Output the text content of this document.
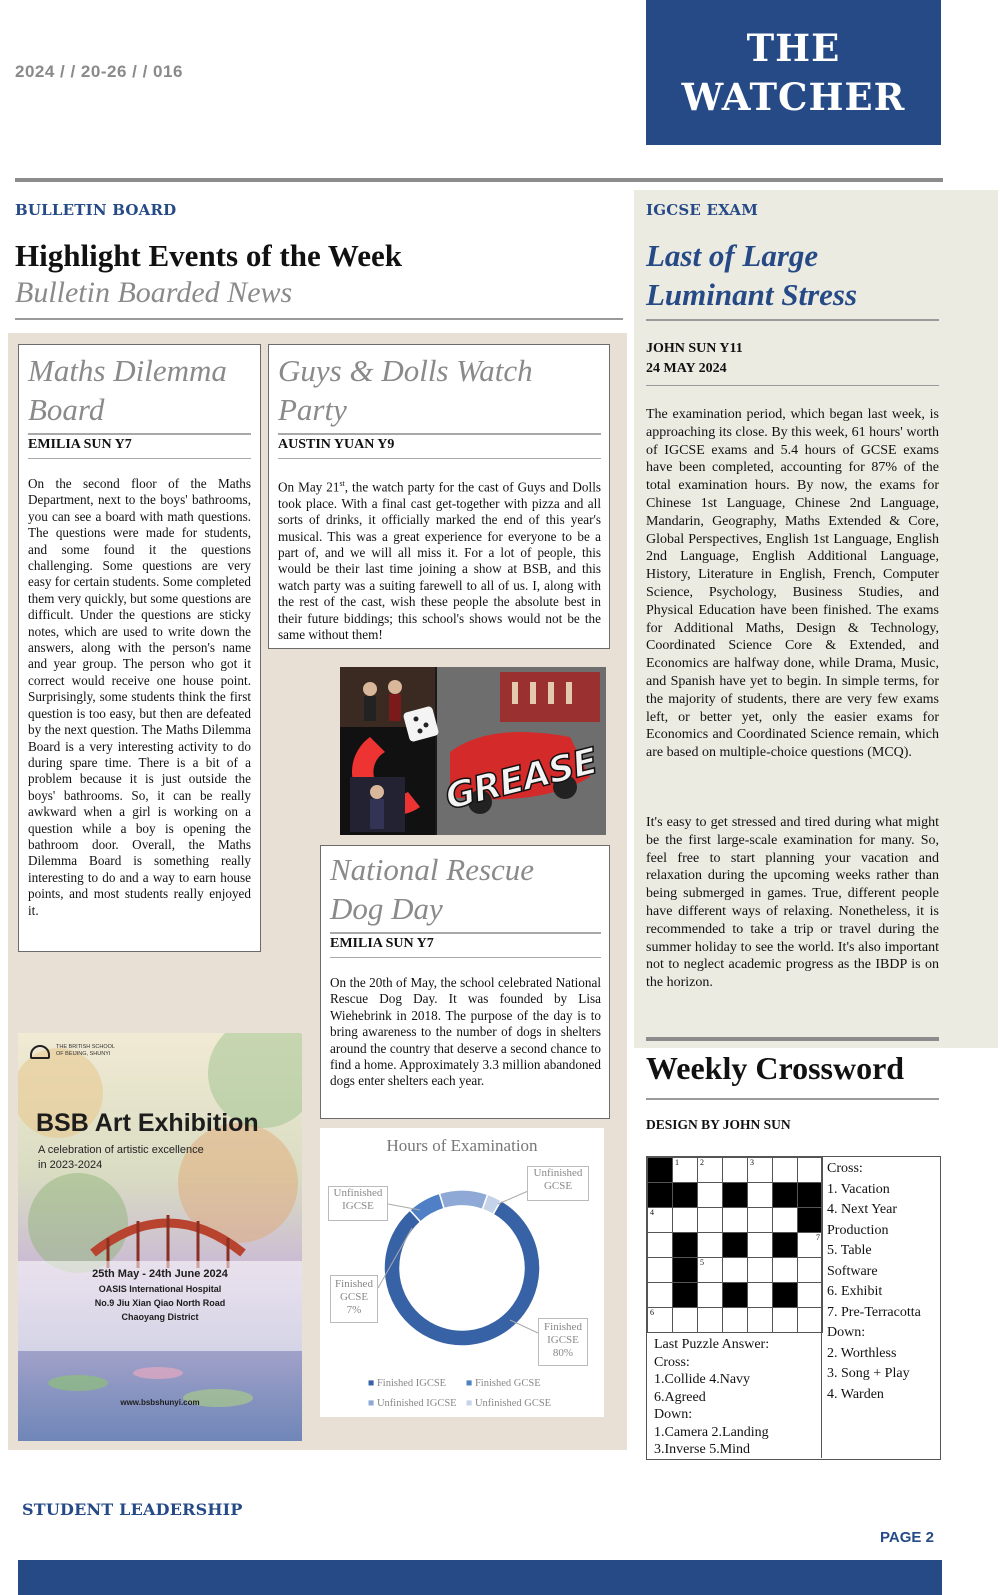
2024 / / 20-26 / / 016
THE
WATCHER
BULLETIN BOARD
Highlight Events of the Week
Bulletin Boarded News
Maths Dilemma
Board
EMILIA SUN Y7
On the second floor of the Maths Department, next to the boys' bathrooms, you can see a board with math questions. The questions were made for students, and some found it the questions challenging. Some questions are very easy for certain students. Some completed them very quickly, but some questions are difficult. Under the questions are sticky notes, which are used to write down the answers, along with the person's name and year group. The person who got it correct would receive one house point. Surprisingly, some students think the first question is too easy, but then are defeated by the next question. The Maths Dilemma Board is a very interesting activity to do during spare time. There is a bit of a problem because it is just outside the boys' bathrooms. So, it can be really awkward when a girl is working on a question while a boy is opening the bathroom door. Overall, the Maths Dilemma Board is something really interesting to do and a way to earn house points, and most students really enjoyed it.
Guys & Dolls Watch
Party
AUSTIN YUAN Y9
On May 21st, the watch party for the cast of Guys and Dolls took place. With a final cast get-together with pizza and all sorts of drinks, it officially marked the end of this year's musical. This was a great experience for everyone to be a part of, and we will all miss it. For a lot of people, this would be their last time joining a show at BSB, and this watch party was a suiting farewell to all of us. I, along with the rest of the cast, wish these people the absolute best in their future biddings; this school's shows would not be the same without them!
GREASE
National Rescue
Dog Day
EMILIA SUN Y7
On the 20th of May, the school celebrated National Rescue Dog Day. It was founded by Lisa Wiehebrink in 2018. The purpose of the day is to bring awareness to the number of dogs in shelters around the country that deserve a second chance to find a home. Approximately 3.3 million abandoned dogs enter shelters each year.
THE BRITISH SCHOOL
OF BEIJING, SHUNYI
BSB Art Exhibition
A celebration of artistic excellence
in 2023-2024
25th May - 24th June 2024
OASIS International Hospital
No.9 Jiu Xian Qiao North Road
Chaoyang District
www.bsbshunyi.com
Hours of Examination
Unfinished
GCSE
Unfinished
IGCSE
Finished
GCSE
7%
Finished
IGCSE
80%
■ Finished IGCSE ■ Finished GCSE
■ Unfinished IGCSE ■ Unfinished GCSE
IGCSE EXAM
Last of Large
Luminant Stress
JOHN SUN Y11
24 MAY 2024
The examination period, which began last week, is approaching its close. By this week, 61 hours' worth of IGCSE exams and 5.4 hours of GCSE exams have been completed, accounting for 87% of the total examination hours. By now, the exams for Chinese 1st Language, Chinese 2nd Language, Mandarin, Geography, Maths Extended & Core, Global Perspectives, English 1st Language, English 2nd Language, English Additional Language, History, Literature in English, French, Computer Science, Psychology, Business Studies, and Physical Education have been finished. The exams for Additional Maths, Design & Technology, Coordinated Science Core & Extended, and Economics are halfway done, while Drama, Music, and Spanish have yet to begin. In simple terms, for the majority of students, there are very few exams left, or better yet, only the easier exams for Economics and Coordinated Science remain, which are based on multiple-choice questions (MCQ).
It's easy to get stressed and tired during what might be the first large-scale examination for many. So, feel free to start planning your vacation and relaxation during the upcoming weeks rather than being submerged in games. True, different people have different ways of relaxing. Nonetheless, it is recommended to take a trip or travel during the summer holiday to see the world. It's also important not to neglect academic progress as the IBDP is on the horizon.
Weekly Crossword
DESIGN BY JOHN SUN

	1	2		3		

4						

						7

		5				

6						

Cross:
1. Vacation
4. Next Year
Production
5. Table
Software
6. Exhibit
7. Pre-Terracotta
Down:
2. Worthless
3. Song + Play
4. Warden
Last Puzzle Answer:
Cross:
1.Collide 4.Navy
6.Agreed
Down:
1.Camera 2.Landing
3.Inverse 5.Mind
STUDENT LEADERSHIP
PAGE 2
